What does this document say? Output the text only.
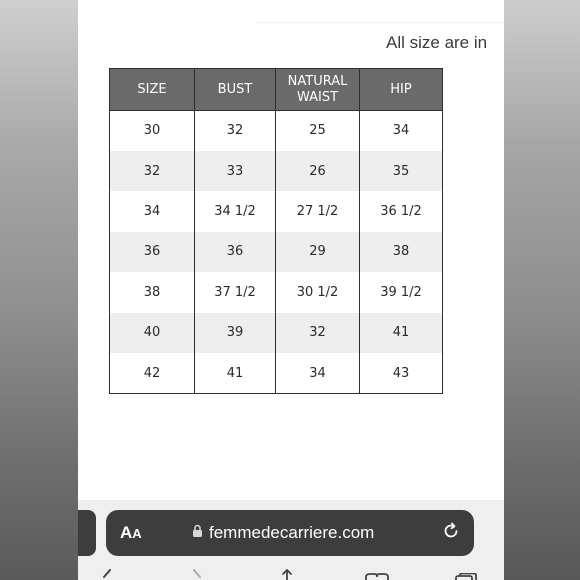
All size are in
SIZE	BUST	NATURAL WAIST	HIP
30	32	25	34
32	33	26	35
34	34 1/2	27 1/2	36 1/2
36	36	29	38
38	37 1/2	30 1/2	39 1/2
40	39	32	41
42	41	34	43
A A	femmedecarriere.com
